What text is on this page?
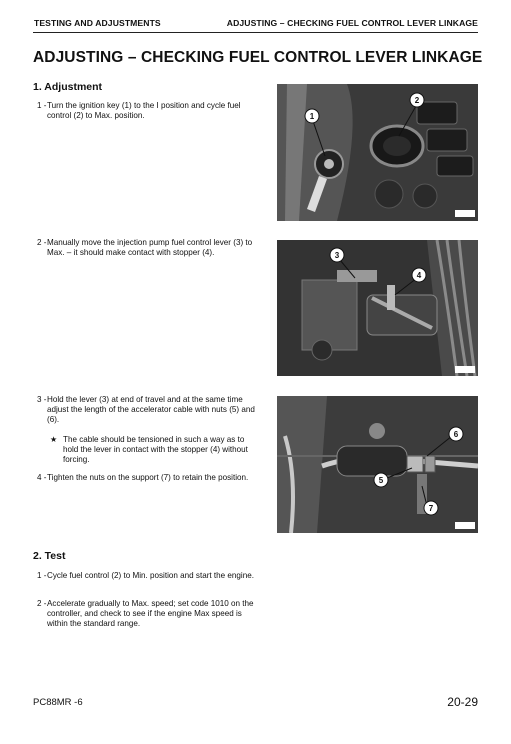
TESTING AND ADJUSTMENTS	ADJUSTING – CHECKING FUEL CONTROL LEVER LINKAGE
ADJUSTING – CHECKING FUEL CONTROL LEVER LINKAGE
1. Adjustment
1 - Turn the ignition key (1) to the I position and cycle fuel control (2) to Max. position.
2 - Manually move the injection pump fuel control lever (3) to Max. – it should make contact with stopper (4).
3 - Hold the lever (3) at end of travel and at the same time adjust the length of the accelerator cable with nuts (5) and (6).
★ The cable should be tensioned in such a way as to hold the lever in contact with the stopper (4) without forcing.
4 - Tighten the nuts on the support (7) to retain the position.
2. Test
1 - Cycle fuel control (2) to Min. position and start the engine.
2 - Accelerate gradually to Max. speed; set code 1010 on the controller, and check to see if the engine Max speed is within the standard range.
1
2
3
4
6
5
7
PC88MR -6	20-29
